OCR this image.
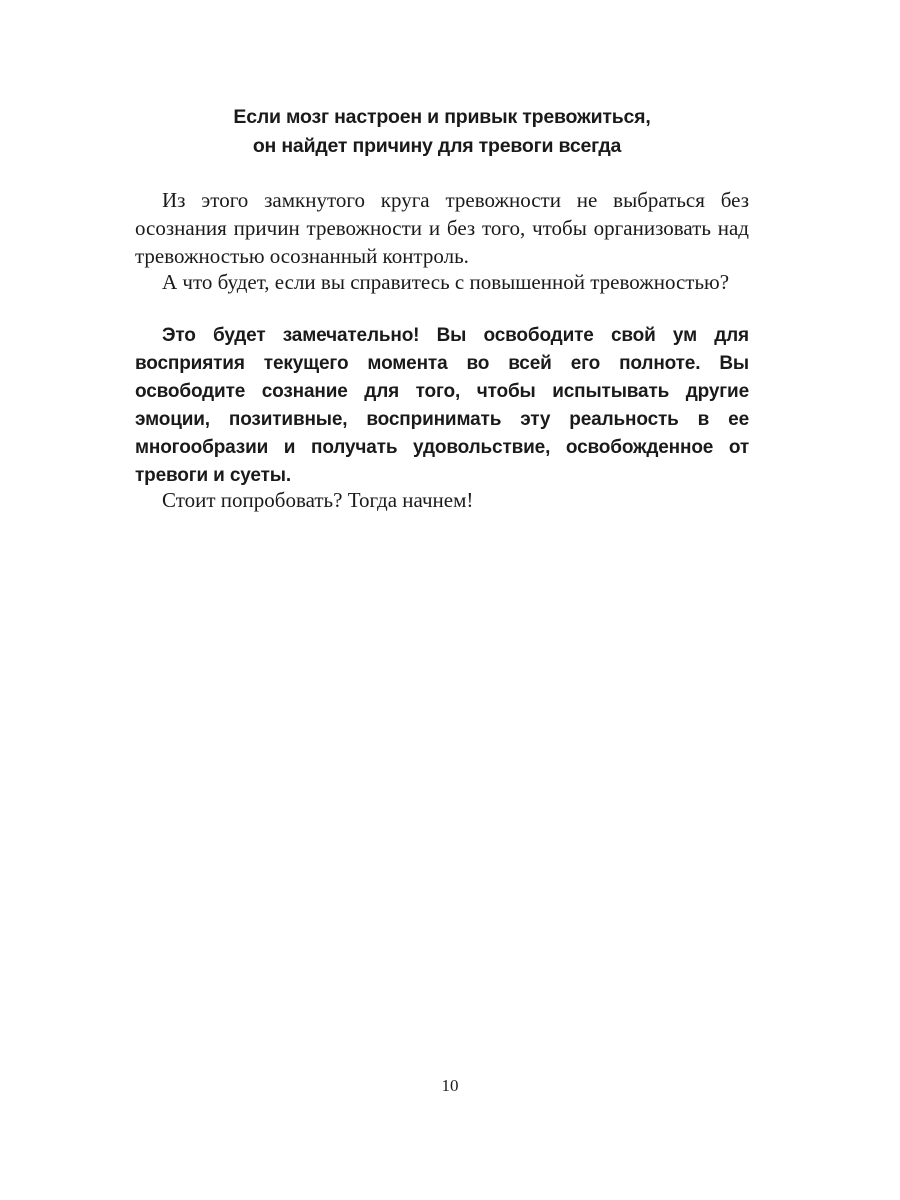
Если мозг настроен и привык тревожиться,
он найдет причину для тревоги всегда

Из этого замкнутого круга тревожности не выбраться без осознания причин тревожности и без того, чтобы организовать над тревожностью осознанный контроль.

А что будет, если вы справитесь с повышенной тревожностью?

Это будет замечательно! Вы освободите свой ум для восприятия текущего момента во всей его полноте. Вы освободите сознание для того, чтобы испытывать другие эмоции, позитивные, воспринимать эту реальность в ее многообразии и получать удовольствие, освобожденное от тревоги и суеты.

Стоит попробовать? Тогда начнем!

10
